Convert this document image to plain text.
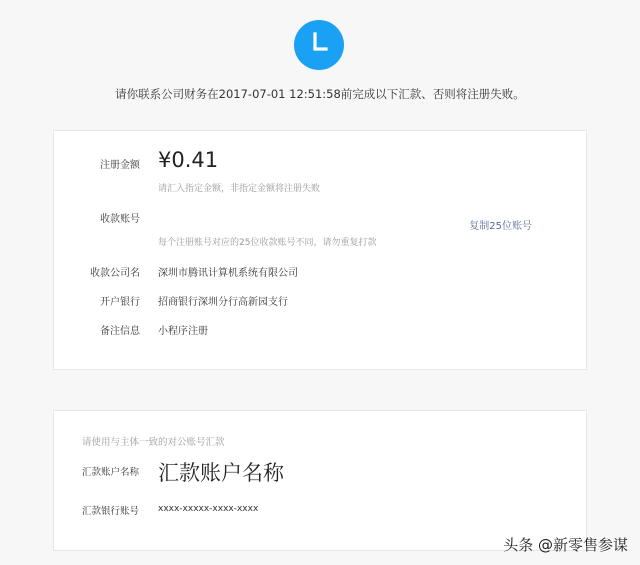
请你联系公司财务在2017-07-01 12:51:58前完成以下汇款、否则将注册失败。
注册金额 ¥0.41
请汇入指定金额，非指定金额将注册失败
收款账号
复制25位账号
每个注册账号对应的25位收款账号不同，请勿重复打款
收款公司名 深圳市腾讯计算机系统有限公司
开户银行 招商银行深圳分行高新园支行
备注信息 小程序注册
请使用与主体一致的对公账号汇款
汇款账户名称 汇款账户名称
汇款银行账号 xxxx-xxxxx-xxxx-xxxx
头条 @新零售参谋
